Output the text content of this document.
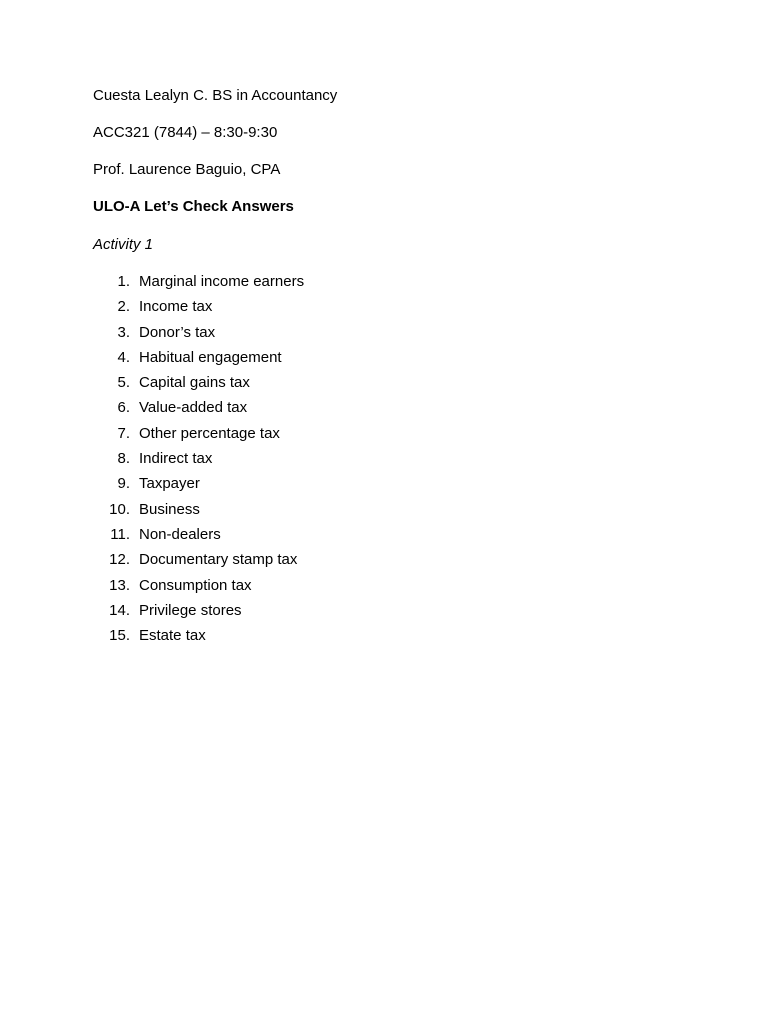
Cuesta Lealyn C. BS in Accountancy
ACC321 (7844) – 8:30-9:30
Prof. Laurence Baguio, CPA
ULO-A Let’s Check Answers
Activity 1
1. Marginal income earners
2. Income tax
3. Donor’s tax
4. Habitual engagement
5. Capital gains tax
6. Value-added tax
7. Other percentage tax
8. Indirect tax
9. Taxpayer
10. Business
11. Non-dealers
12. Documentary stamp tax
13. Consumption tax
14. Privilege stores
15. Estate tax
